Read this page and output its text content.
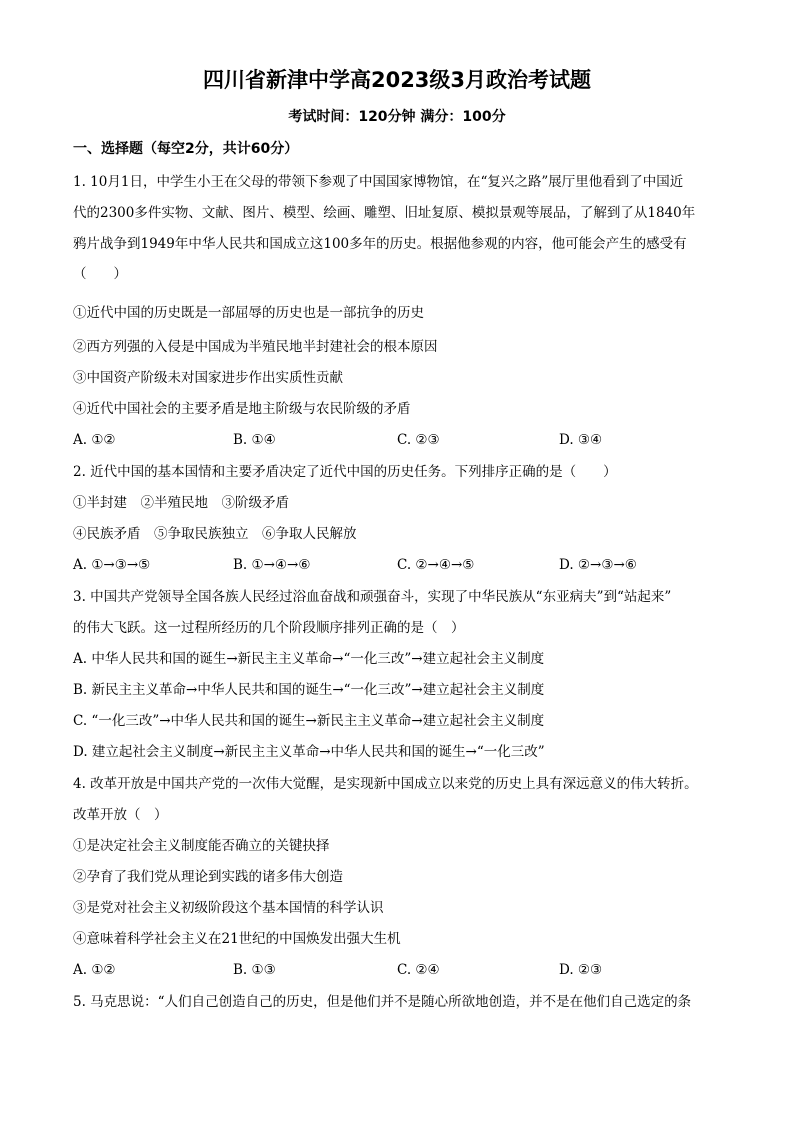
四川省新津中学高2023级3月政治考试题
考试时间：120分钟 满分：100分
一、选择题（每空2分，共计60分）
1. 10月1日，中学生小王在父母的带领下参观了中国国家博物馆，在“复兴之路”展厅里他看到了中国近
代的2300多件实物、文献、图片、模型、绘画、雕塑、旧址复原、模拟景观等展品，了解到了从1840年
鸦片战争到1949年中华人民共和国成立这100多年的历史。根据他参观的内容，他可能会产生的感受有
（　　）
①近代中国的历史既是一部屈辱的历史也是一部抗争的历史
②西方列强的入侵是中国成为半殖民地半封建社会的根本原因
③中国资产阶级未对国家进步作出实质性贡献
④近代中国社会的主要矛盾是地主阶级与农民阶级的矛盾
A. ①②	B. ①④	C. ②③	D. ③④
2. 近代中国的基本国情和主要矛盾决定了近代中国的历史任务。下列排序正确的是（　　）
①半封建　②半殖民地　③阶级矛盾
④民族矛盾　⑤争取民族独立　⑥争取人民解放
A. ①→③→⑤	B. ①→④→⑥	C. ②→④→⑤	D. ②→③→⑥
3. 中国共产党领导全国各族人民经过浴血奋战和顽强奋斗，实现了中华民族从“东亚病夫”到“站起来”
的伟大飞跃。这一过程所经历的几个阶段顺序排列正确的是（　）
A. 中华人民共和国的诞生→新民主主义革命→“一化三改”→建立起社会主义制度
B. 新民主主义革命→中华人民共和国的诞生→“一化三改”→建立起社会主义制度
C. “一化三改”→中华人民共和国的诞生→新民主主义革命→建立起社会主义制度
D. 建立起社会主义制度→新民主主义革命→中华人民共和国的诞生→“一化三改”
4. 改革开放是中国共产党的一次伟大觉醒，是实现新中国成立以来党的历史上具有深远意义的伟大转折。
改革开放（　）
①是决定社会主义制度能否确立的关键抉择
②孕育了我们党从理论到实践的诸多伟大创造
③是党对社会主义初级阶段这个基本国情的科学认识
④意味着科学社会主义在21世纪的中国焕发出强大生机
A. ①②	B. ①③	C. ②④	D. ②③
5. 马克思说：“人们自己创造自己的历史，但是他们并不是随心所欲地创造，并不是在他们自己选定的条
